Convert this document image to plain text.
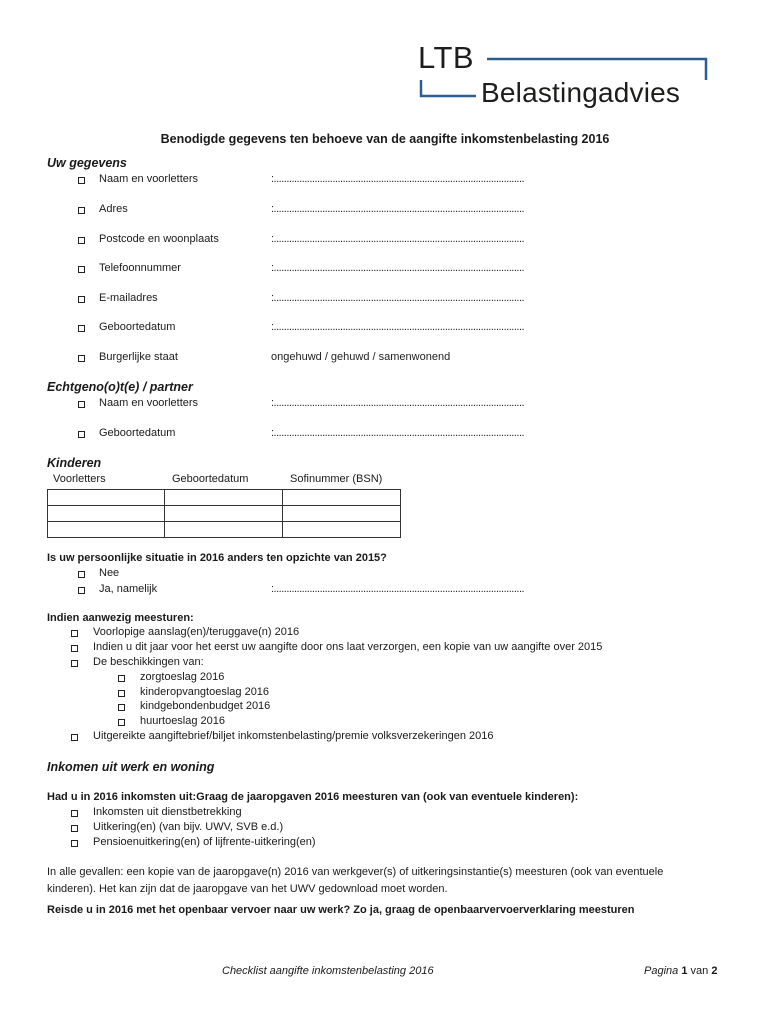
LTB
Belastingadvies
Benodigde gegevens ten behoeve van de aangifte inkomstenbelasting 2016
Uw gegevens
Naam en voorletters	:..................................................................................................
Adres	:..................................................................................................
Postcode en woonplaats	:..................................................................................................
Telefoonnummer	:..................................................................................................
E-mailadres	:..................................................................................................
Geboortedatum	:..................................................................................................
Burgerlijke staat	ongehuwd / gehuwd / samenwonend
Echtgeno(o)t(e) / partner
Naam en voorletters	:..................................................................................................
Geboortedatum	:..................................................................................................
Kinderen
Voorletters	Geboortedatum	Sofinummer (BSN)

Is uw persoonlijke situatie in 2016 anders ten opzichte van 2015?
Nee
Ja, namelijk	:..................................................................................................
Indien aanwezig meesturen:
Voorlopige aanslag(en)/teruggave(n) 2016
Indien u dit jaar voor het eerst uw aangifte door ons laat verzorgen, een kopie van uw aangifte over 2015
De beschikkingen van:
zorgtoeslag 2016
kinderopvangtoeslag 2016
kindgebondenbudget 2016
huurtoeslag 2016
Uitgereikte aangiftebrief/biljet inkomstenbelasting/premie volksverzekeringen 2016
Inkomen uit werk en woning
Had u in 2016 inkomsten uit:Graag de jaaropgaven 2016 meesturen van (ook van eventuele kinderen):
Inkomsten uit dienstbetrekking
Uitkering(en) (van bijv. UWV, SVB e.d.)
Pensioenuitkering(en) of lijfrente-uitkering(en)
In alle gevallen: een kopie van de jaaropgave(n) 2016 van werkgever(s) of uitkeringsinstantie(s) meesturen (ook van eventuele kinderen). Het kan zijn dat de jaaropgave van het UWV gedownload moet worden.
Reisde u in 2016 met het openbaar vervoer naar uw werk? Zo ja, graag de openbaarvervoerverklaring meesturen
Checklist aangifte inkomstenbelasting 2016	Pagina 1 van 2
